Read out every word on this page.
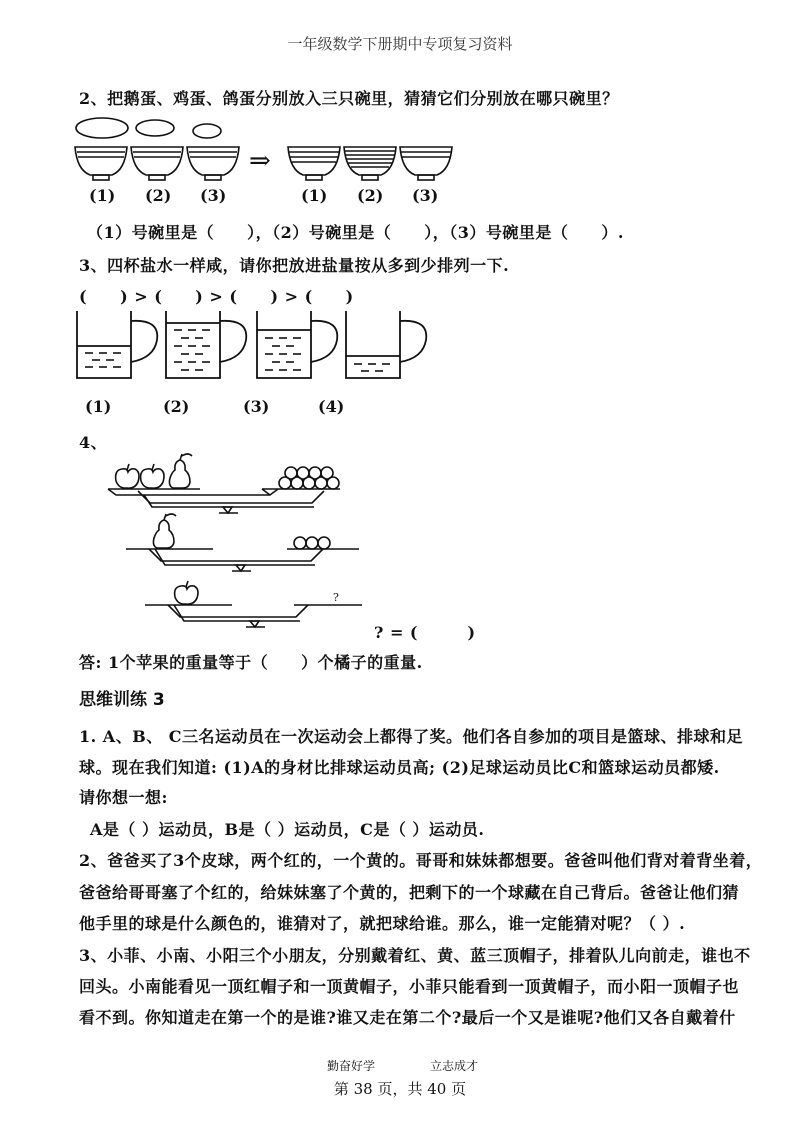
一年级数学下册期中专项复习资料
2、把鹅蛋、鸡蛋、鸽蛋分别放入三只碗里，猜猜它们分别放在哪只碗里？
⇒
(1) (2) (3)	(1) (2) (3)
（1）号碗里是（　　），（2）号碗里是（　　），（3）号碗里是（　　）.
3、四杯盐水一样咸，请你把放进盐量按从多到少排列一下.
(　　) > (　　) > (　　) > (　　)
(1)	(2)	(3)	(4)
4、
?
? = (　　　)
答: 1个苹果的重量等于（　　）个橘子的重量.
思维训练 3
1. A、B、 C三名运动员在一次运动会上都得了奖。他们各自参加的项目是篮球、排球和足
球。现在我们知道: (1)A的身材比排球运动员高; (2)足球运动员比C和篮球运动员都矮.
请你想一想:
A是（ ）运动员，B是（ ）运动员，C是（ ）运动员.
2、爸爸买了3个皮球，两个红的，一个黄的。哥哥和妹妹都想要。爸爸叫他们背对着背坐着，
爸爸给哥哥塞了个红的，给妹妹塞了个黄的，把剩下的一个球藏在自己背后。爸爸让他们猜
他手里的球是什么颜色的，谁猜对了，就把球给谁。那么，谁一定能猜对呢？（ ）.
3、小菲、小南、小阳三个小朋友，分别戴着红、黄、蓝三顶帽子，排着队儿向前走，谁也不
回头。小南能看见一顶红帽子和一顶黄帽子，小菲只能看到一顶黄帽子，而小阳一顶帽子也
看不到。你知道走在第一个的是谁?谁又走在第二个?最后一个又是谁呢?他们又各自戴着什
勤奋好学	立志成才
第 38 页，共 40 页
